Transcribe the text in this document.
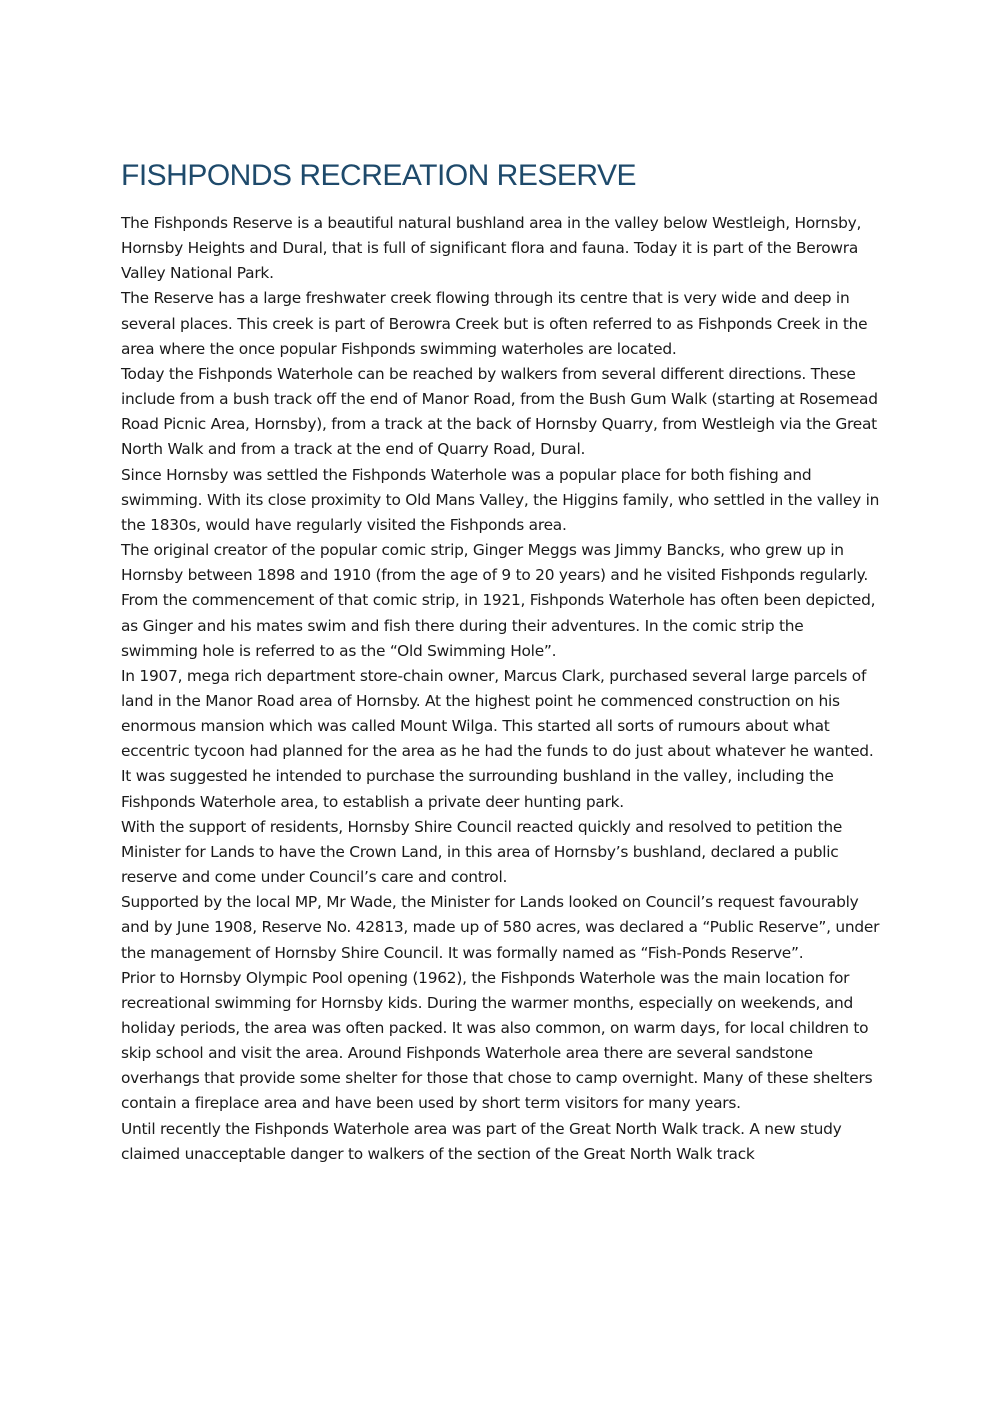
FISHPONDS RECREATION RESERVE

The Fishponds Reserve is a beautiful natural bushland area in the valley below Westleigh, Hornsby, Hornsby Heights and Dural, that is full of significant flora and fauna. Today it is part of the Berowra Valley National Park.

The Reserve has a large freshwater creek flowing through its centre that is very wide and deep in several places. This creek is part of Berowra Creek but is often referred to as Fishponds Creek in the area where the once popular Fishponds swimming waterholes are located.

Today the Fishponds Waterhole can be reached by walkers from several different directions. These include from a bush track off the end of Manor Road, from the Bush Gum Walk (starting at Rosemead Road Picnic Area, Hornsby), from a track at the back of Hornsby Quarry, from Westleigh via the Great North Walk and from a track at the end of Quarry Road, Dural.

Since Hornsby was settled the Fishponds Waterhole was a popular place for both fishing and swimming. With its close proximity to Old Mans Valley, the Higgins family, who settled in the valley in the 1830s, would have regularly visited the Fishponds area.

The original creator of the popular comic strip, Ginger Meggs was Jimmy Bancks, who grew up in Hornsby between 1898 and 1910 (from the age of 9 to 20 years) and he visited Fishponds regularly. From the commencement of that comic strip, in 1921, Fishponds Waterhole has often been depicted, as Ginger and his mates swim and fish there during their adventures. In the comic strip the swimming hole is referred to as the “Old Swimming Hole”.

In 1907, mega rich department store-chain owner, Marcus Clark, purchased several large parcels of land in the Manor Road area of Hornsby. At the highest point he commenced construction on his enormous mansion which was called Mount Wilga. This started all sorts of rumours about what eccentric tycoon had planned for the area as he had the funds to do just about whatever he wanted. It was suggested he intended to purchase the surrounding bushland in the valley, including the Fishponds Waterhole area, to establish a private deer hunting park.

With the support of residents, Hornsby Shire Council reacted quickly and resolved to petition the Minister for Lands to have the Crown Land, in this area of Hornsby’s bushland, declared a public reserve and come under Council’s care and control.

Supported by the local MP, Mr Wade, the Minister for Lands looked on Council’s request favourably and by June 1908, Reserve No. 42813, made up of 580 acres, was declared a “Public Reserve”, under the management of Hornsby Shire Council. It was formally named as “Fish-Ponds Reserve”.

Prior to Hornsby Olympic Pool opening (1962), the Fishponds Waterhole was the main location for recreational swimming for Hornsby kids. During the warmer months, especially on weekends, and holiday periods, the area was often packed. It was also common, on warm days, for local children to skip school and visit the area. Around Fishponds Waterhole area there are several sandstone overhangs that provide some shelter for those that chose to camp overnight. Many of these shelters contain a fireplace area and have been used by short term visitors for many years.

Until recently the Fishponds Waterhole area was part of the Great North Walk track. A new study claimed unacceptable danger to walkers of the section of the Great North Walk track
